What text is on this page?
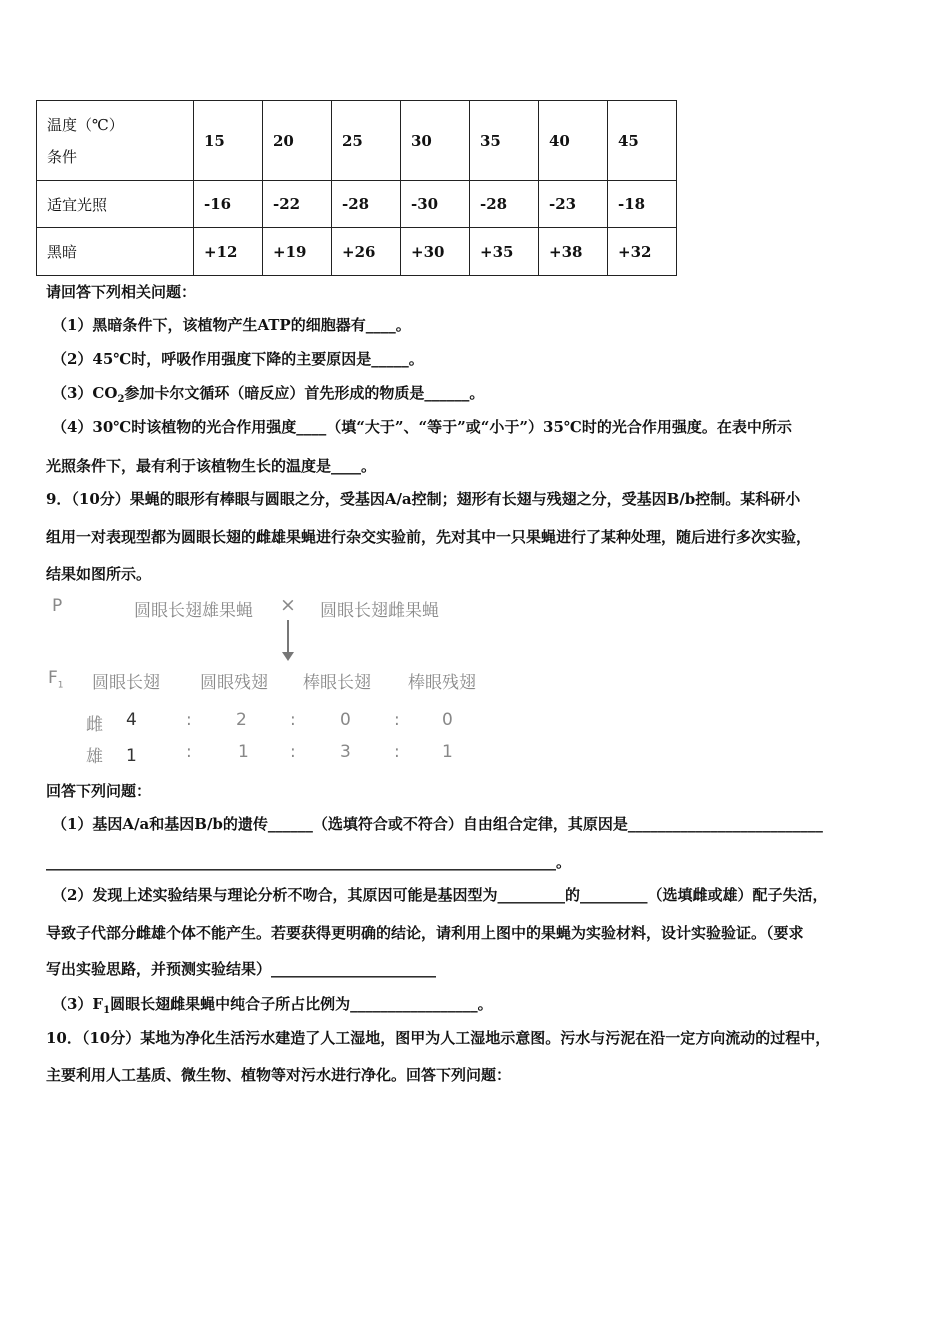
温度（℃）
条件	15	20	25	30	35	40	45
适宜光照	-16	-22	-28	-30	-28	-23	-18
黑暗	+12	+19	+26	+30	+35	+38	+32
请回答下列相关问题：
（1）黑暗条件下，该植物产生ATP的细胞器有____。
（2）45℃时，呼吸作用强度下降的主要原因是_____。
$(3)CO_2$参加卡尔文循环（暗反应）首先形成的物质是______。
（4）30℃时该植物的光合作用强度____（填“大于”、“等于”或“小于”）35℃时的光合作用强度。在表中所示
光照条件下，最有利于该植物生长的温度是____。
9．（10分）果蝇的眼形有棒眼与圆眼之分，受基因A/a控制；翅形有长翅与残翅之分，受基因B/b控制。某科研小
组用一对表现型都为圆眼长翅的雌雄果蝇进行杂交实验前，先对其中一只果蝇进行了某种处理，随后进行多次实验，
结果如图所示。
P	圆眼长翅雄果蝇 × 圆眼长翅雌果蝇
$F_1$ 圆眼长翅 圆眼残翅 棒眼长翅 棒眼残翅
雌 4	:	2	:	0	: 0
雄 1	:	1 :	3	: 1
回答下列问题：
（1）基因A/a和基因B/b的遗传______（选填符合或不符合）自由组合定律，其原因是__________________________
____________________________________________________________________。
（2）发现上述实验结果与理论分析不吻合，其原因可能是基因型为_________的_________（选填雌或雄）配子失活，
导致子代部分雌雄个体不能产生。若要获得更明确的结论，请利用上图中的果蝇为实验材料，设计实验验证。（要求
写出实验思路，并预测实验结果）______________________
$(3)F_1$圆眼长翅雌果蝇中纯合子所占比例为_________________。
10．（10分）某地为净化生活污水建造了人工湿地，图甲为人工湿地示意图。污水与污泥在沿一定方向流动的过程中，
主要利用人工基质、微生物、植物等对污水进行净化。回答下列问题：
